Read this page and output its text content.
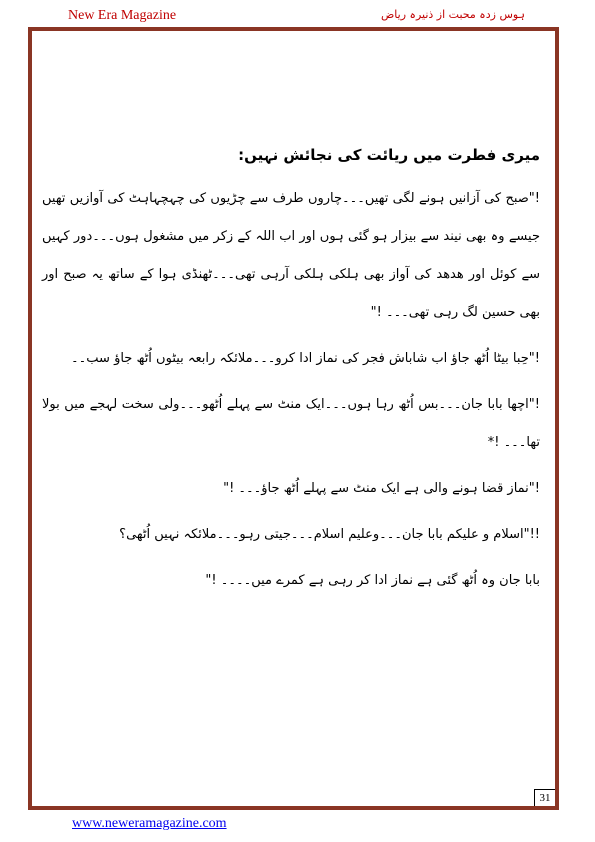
New Era Magazine	ہوس زدہ محبت از ذنیرہ ریاض
31
میری فطرت میں ریائت کی نجائش نہیں:

!"صبح کی آزانیں ہونے لگی تھیں۔۔۔چاروں طرف سے چڑیوں کی چہچہاہٹ کی آوازیں تھیں جیسے وہ بھی نیند سے بیزار ہو گئی ہوں اور اب اللہ کے زکر میں مشغول ہوں۔۔۔دور کہیں سے کوئل اور ھدھد کی آواز بھی ہلکی ہلکی آرہی تھی۔۔۔ٹھنڈی ہوا کے ساتھ یہ صبح اور بھی حسین لگ رہی تھی۔۔۔ !"

!"حِبا بیٹا اُٹھ جاؤ اب شاباش فجر کی نماز ادا کرو۔۔۔ملائکہ رابعہ بیٹوں اُٹھ جاؤ سب۔۔

!"اچھا بابا جان۔۔۔بس اُٹھ رہا ہوں۔۔۔ایک منٹ سے پہلے اُٹھو۔۔۔ولی سخت لہجے میں بولا تھا۔۔۔ !*

!"نماز قضا ہونے والی ہے ایک منٹ سے پہلے اُٹھ جاؤ۔۔۔ !"

!!"اسلام و علیکم بابا جان۔۔۔وعلیم اسلام۔۔۔جیتی رہو۔۔۔ملائکہ نہیں اُٹھی؟

بابا جان وہ اُٹھ گئی ہے نماز ادا کر رہی ہے کمرے میں۔۔۔۔ !"

www.neweramagazine.com
